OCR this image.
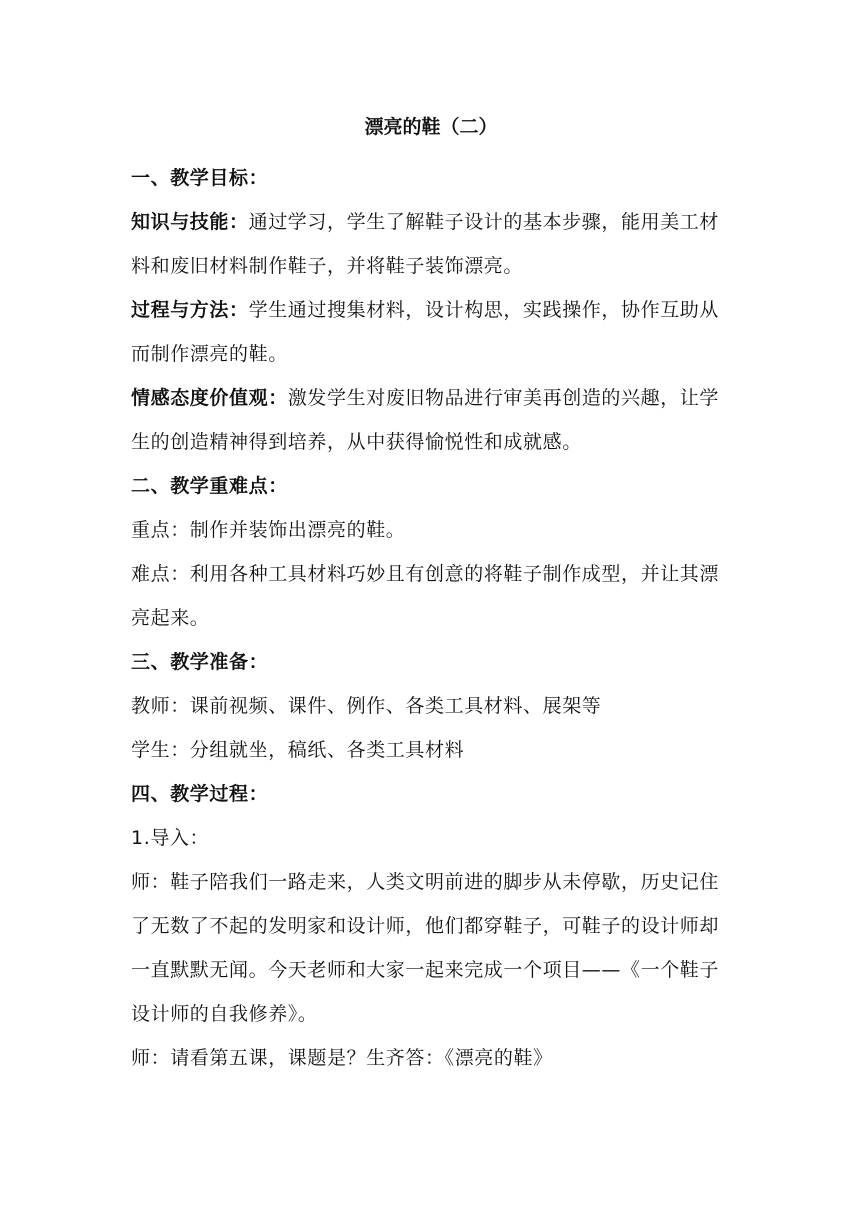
漂亮的鞋（二）

一、教学目标：

知识与技能：通过学习，学生了解鞋子设计的基本步骤，能用美工材

料和废旧材料制作鞋子，并将鞋子装饰漂亮。

过程与方法：学生通过搜集材料，设计构思，实践操作，协作互助从

而制作漂亮的鞋。

情感态度价值观：激发学生对废旧物品进行审美再创造的兴趣，让学

生的创造精神得到培养，从中获得愉悦性和成就感。

二、教学重难点：

重点：制作并装饰出漂亮的鞋。

难点：利用各种工具材料巧妙且有创意的将鞋子制作成型，并让其漂

亮起来。

三、教学准备：

教师：课前视频、课件、例作、各类工具材料、展架等

学生：分组就坐，稿纸、各类工具材料

四、教学过程：

1.导入：

师：鞋子陪我们一路走来，人类文明前进的脚步从未停歇，历史记住

了无数了不起的发明家和设计师，他们都穿鞋子，可鞋子的设计师却

一直默默无闻。今天老师和大家一起来完成一个项目——《一个鞋子

设计师的自我修养》。

师：请看第五课，课题是？生齐答：《漂亮的鞋》
